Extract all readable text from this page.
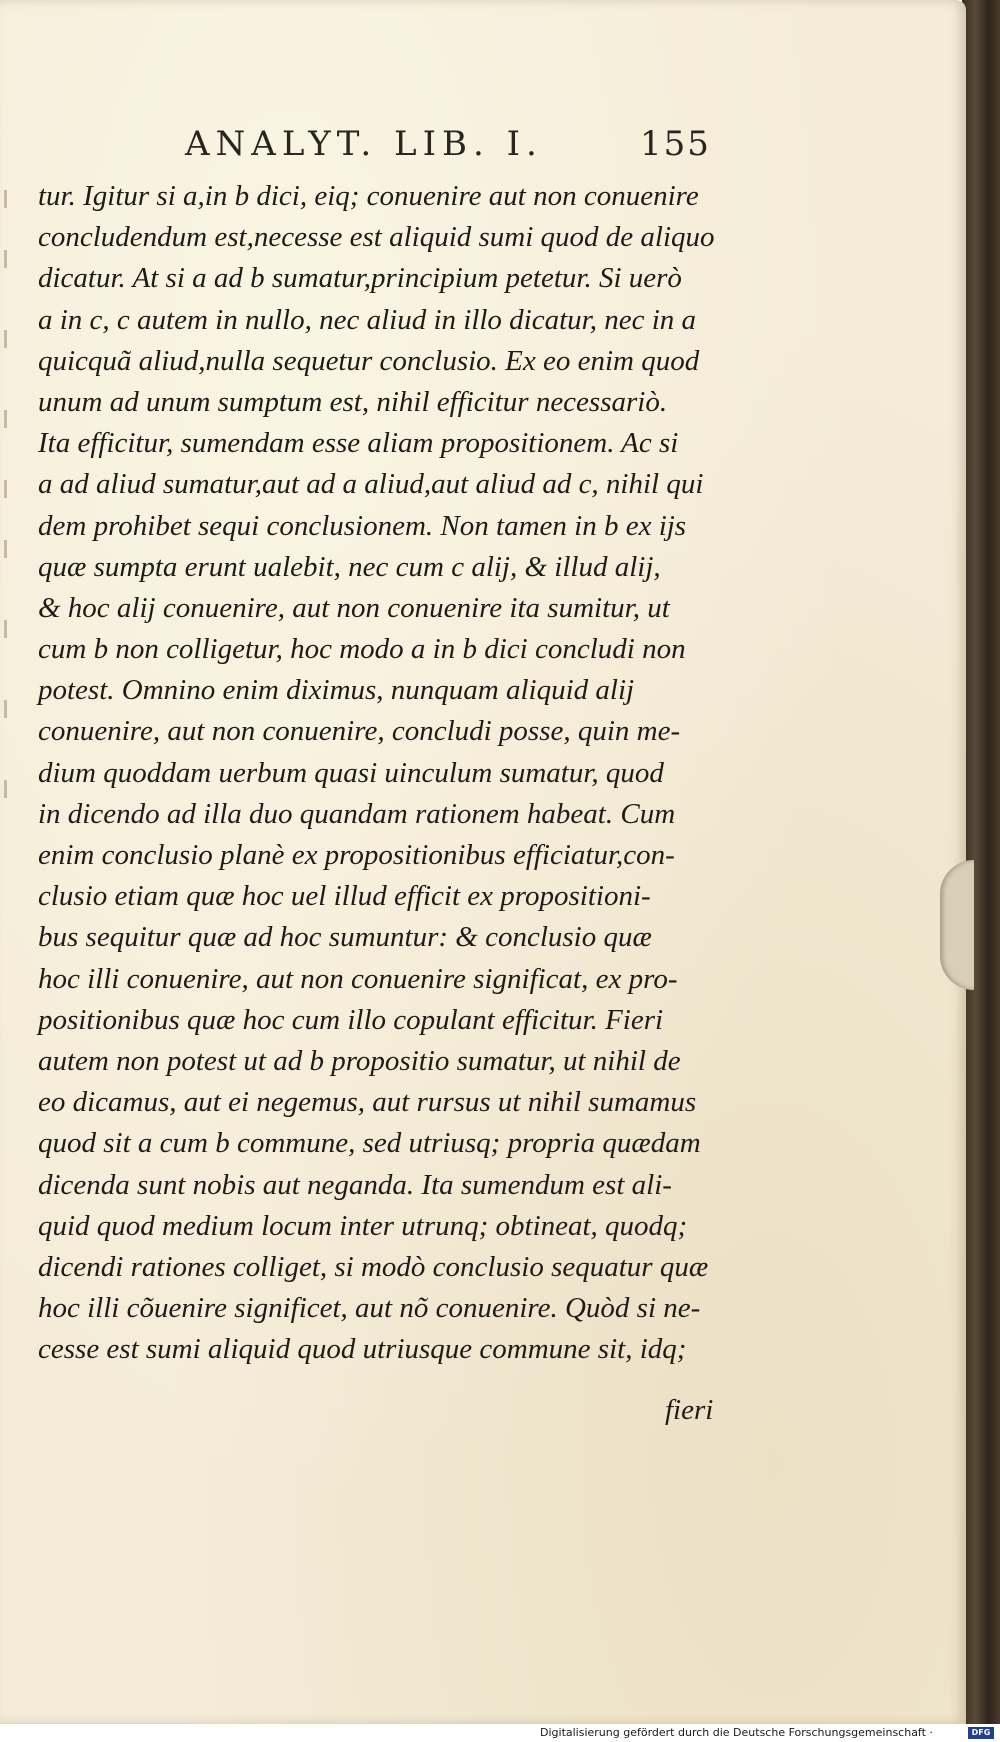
ANALYT. LIB. I.	155
tur. Igitur si a,in b dici, eiq; conuenire aut non conuenire
concludendum est,necesse est aliquid sumi quod de aliquo
dicatur. At si a ad b sumatur,principium petetur. Si uerò
a in c, c autem in nullo, nec aliud in illo dicatur, nec in a
quicquã aliud,nulla sequetur conclusio. Ex eo enim quod
unum ad unum sumptum est, nihil efficitur necessariò.
Ita efficitur, sumendam esse aliam propositionem. Ac si
a ad aliud sumatur,aut ad a aliud,aut aliud ad c, nihil qui
dem prohibet sequi conclusionem. Non tamen in b ex ijs
quæ sumpta erunt ualebit, nec cum c alij, & illud alij,
& hoc alij conuenire, aut non conuenire ita sumitur, ut
cum b non colligetur, hoc modo a in b dici concludi non
potest. Omnino enim diximus, nunquam aliquid alij
conuenire, aut non conuenire, concludi posse, quin me-
dium quoddam uerbum quasi uinculum sumatur, quod
in dicendo ad illa duo quandam rationem habeat. Cum
enim conclusio planè ex propositionibus efficiatur,con-
clusio etiam quæ hoc uel illud efficit ex propositioni-
bus sequitur quæ ad hoc sumuntur: & conclusio quæ
hoc illi conuenire, aut non conuenire significat, ex pro-
positionibus quæ hoc cum illo copulant efficitur. Fieri
autem non potest ut ad b propositio sumatur, ut nihil de
eo dicamus, aut ei negemus, aut rursus ut nihil sumamus
quod sit a cum b commune, sed utriusq; propria quædam
dicenda sunt nobis aut neganda. Ita sumendum est ali-
quid quod medium locum inter utrunq; obtineat, quodq;
dicendi rationes colliget, si modò conclusio sequatur quæ
hoc illi cõuenire significet, aut nõ conuenire. Quòd si ne-
cesse est sumi aliquid quod utriusque commune sit, idq;
fieri
Digitalisierung gefördert durch die Deutsche Forschungsgemeinschaft ·	DFG
